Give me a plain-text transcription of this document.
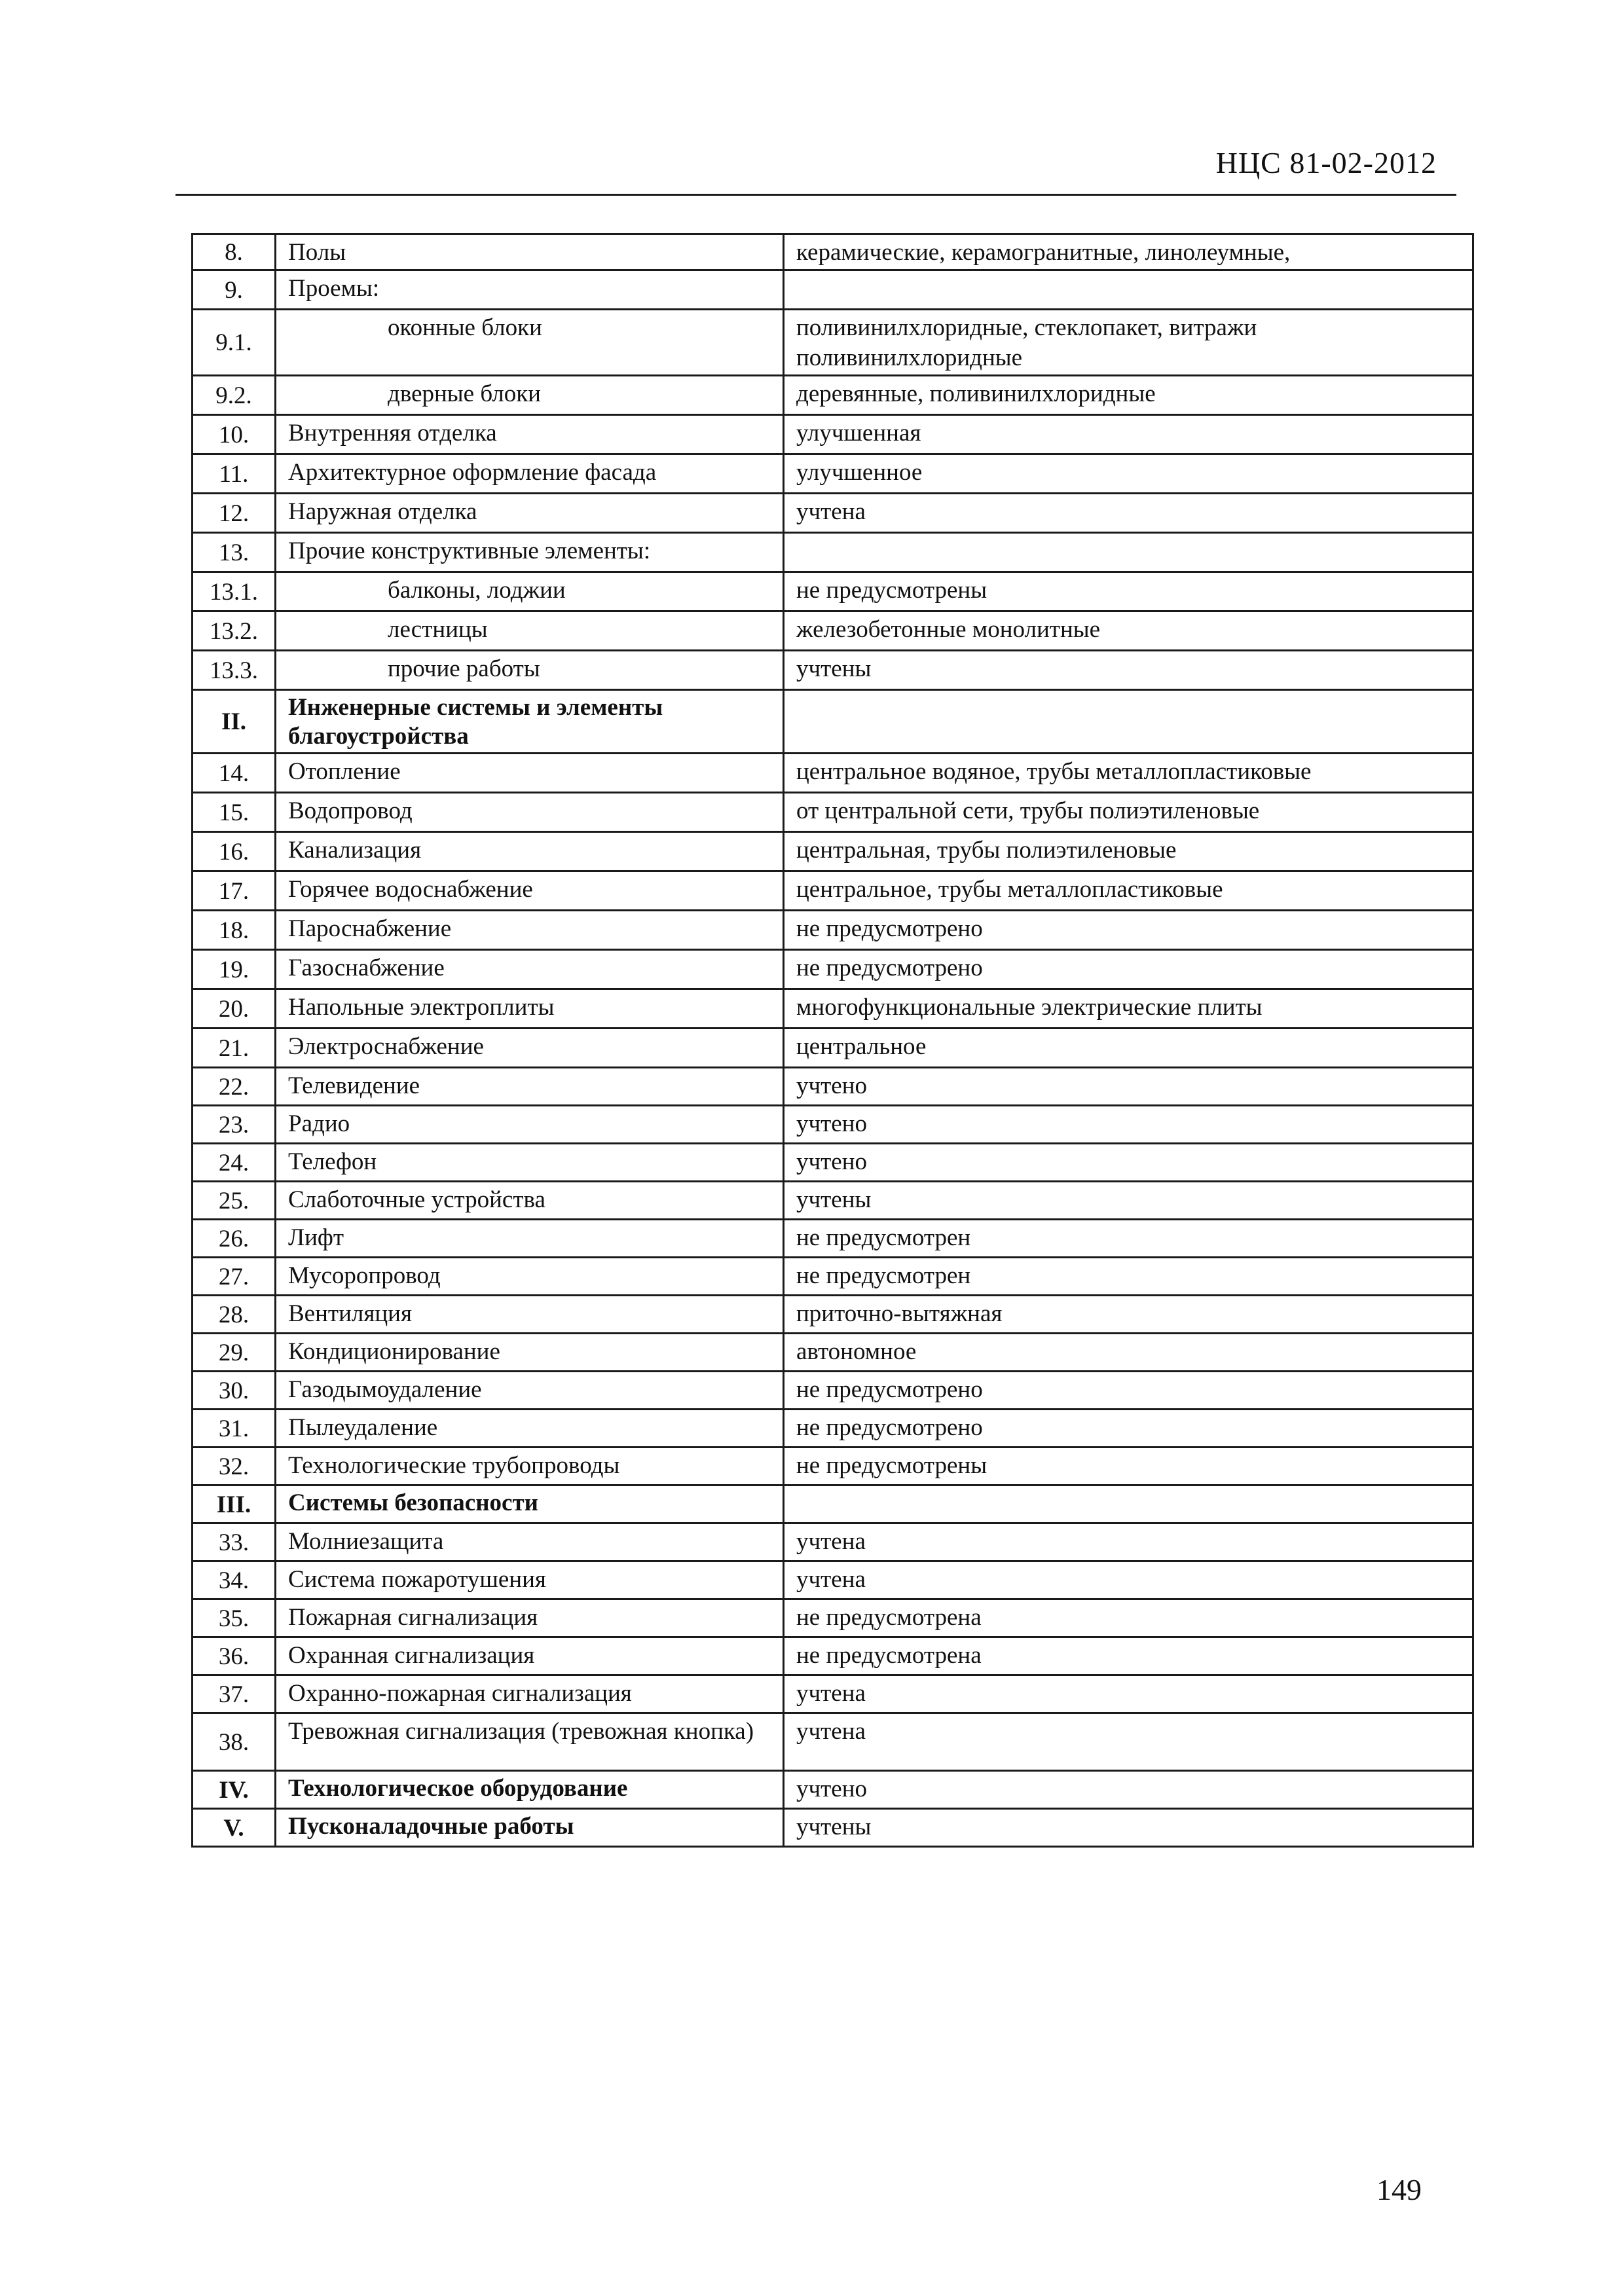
НЦС 81-02-2012
8.	Полы	керамические, керамогранитные, линолеумные,
9.	Проемы:	
9.1.	оконные блоки	поливинилхлоридные, стеклопакет, витражи поливинилхлоридные
9.2.	дверные блоки	деревянные, поливинилхлоридные
10.	Внутренняя отделка	улучшенная
11.	Архитектурное оформление фасада	улучшенное
12.	Наружная отделка	учтена
13.	Прочие конструктивные элементы:	
13.1.	балконы, лоджии	не предусмотрены
13.2.	лестницы	железобетонные монолитные
13.3.	прочие работы	учтены
II.	Инженерные системы и элементы благоустройства	
14.	Отопление	центральное водяное, трубы металлопластиковые
15.	Водопровод	от центральной сети, трубы полиэтиленовые
16.	Канализация	центральная, трубы полиэтиленовые
17.	Горячее водоснабжение	центральное, трубы металлопластиковые
18.	Пароснабжение	не предусмотрено
19.	Газоснабжение	не предусмотрено
20.	Напольные электроплиты	многофункциональные электрические плиты
21.	Электроснабжение	центральное
22.	Телевидение	учтено
23.	Радио	учтено
24.	Телефон	учтено
25.	Слаботочные устройства	учтены
26.	Лифт	не предусмотрен
27.	Мусоропровод	не предусмотрен
28.	Вентиляция	приточно-вытяжная
29.	Кондиционирование	автономное
30.	Газодымоудаление	не предусмотрено
31.	Пылеудаление	не предусмотрено
32.	Технологические трубопроводы	не предусмотрены
III.	Системы безопасности	
33.	Молниезащита	учтена
34.	Система пожаротушения	учтена
35.	Пожарная сигнализация	не предусмотрена
36.	Охранная сигнализация	не предусмотрена
37.	Охранно-пожарная сигнализация	учтена
38.	Тревожная сигнализация (тревожная кнопка)	учтена
IV.	Технологическое оборудование	учтено
V.	Пусконаладочные работы	учтены
149
